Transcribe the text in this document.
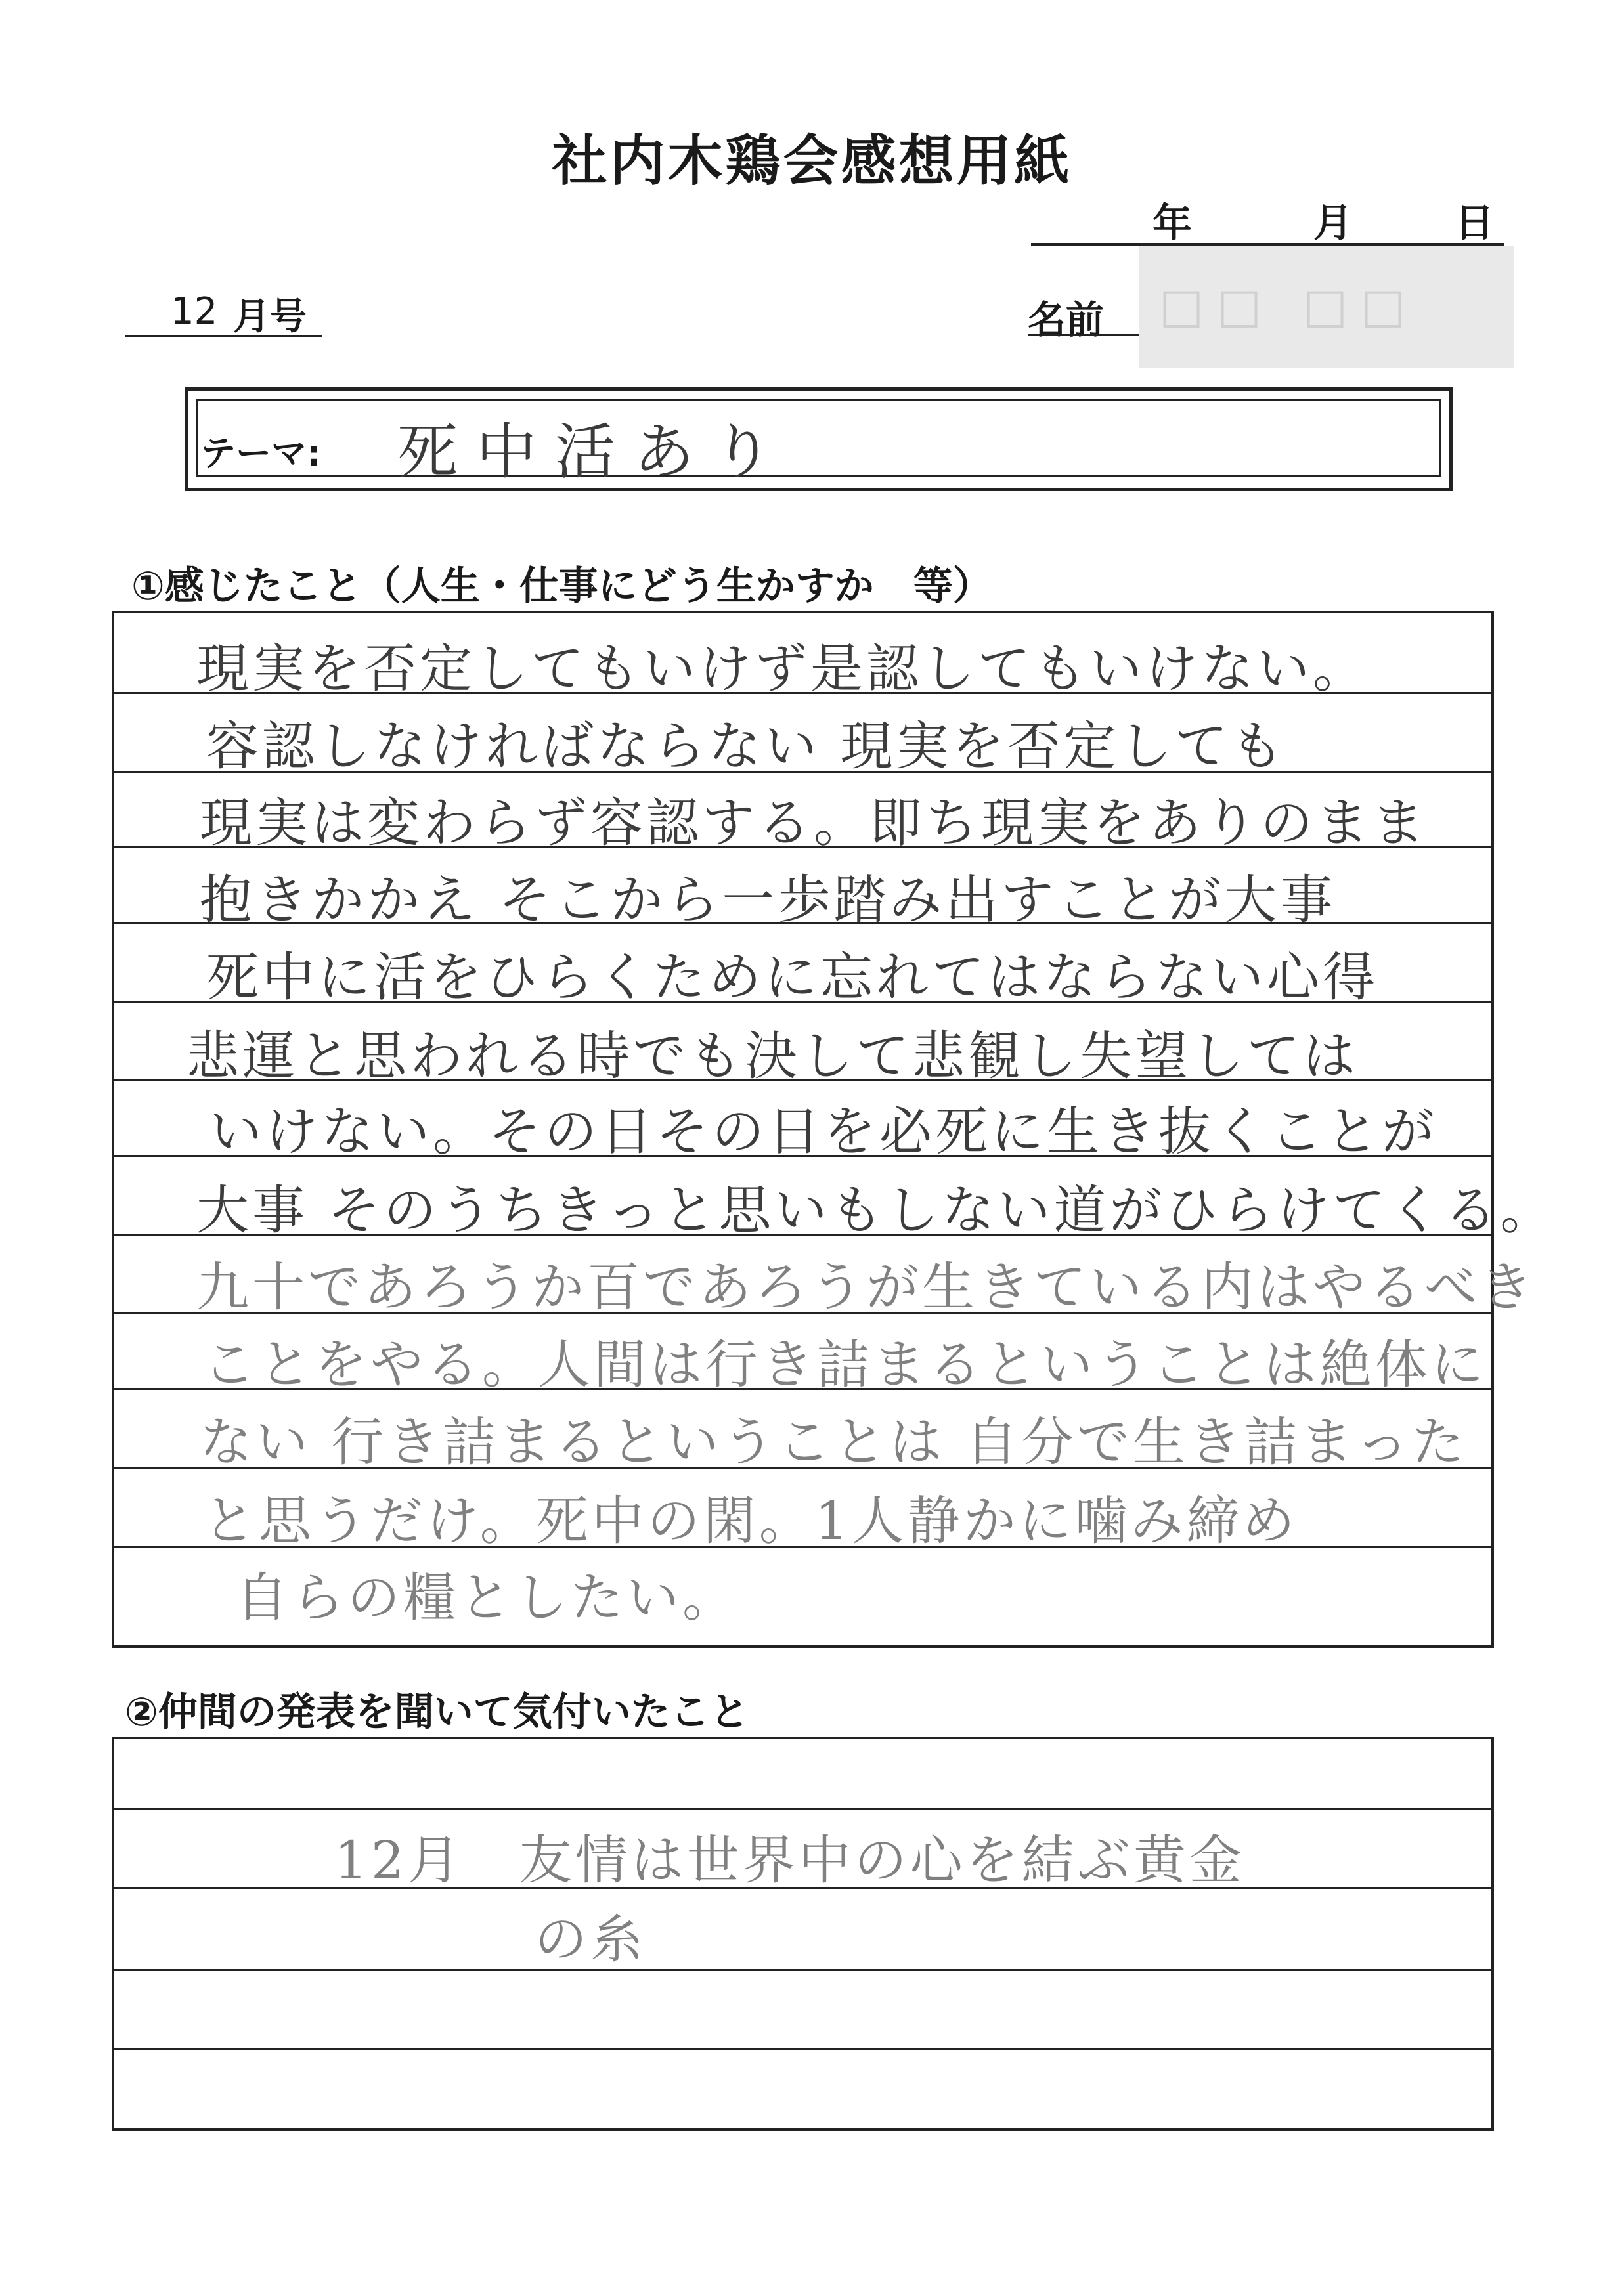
社内木鶏会感想用紙
年	月	日
12 月号	名前 □□ □□
テーマ: 死中活あり
①感じたこと（人生・仕事にどう生かすか　等）
現実を否定してもいけず是認してもいけない。
容認しなければならない 現実を否定しても
現実は変わらず容認する。即ち現実をありのまま
抱きかかえ そこから一歩踏み出すことが大事
死中に活をひらくために忘れてはならない心得
悲運と思われる時でも決して悲観し失望しては
いけない。その日その日を必死に生き抜くことが
大事 そのうちきっと思いもしない道がひらけてくる。
九十であろうか百であろうが生きている内はやるべき
ことをやる。人間は行き詰まるということは絶体に
ない 行き詰まるということは 自分で生き詰まった
と思うだけ。死中の閑。1人静かに噛み締め
自らの糧としたい。
②仲間の発表を聞いて気付いたこと
12月　友情は世界中の心を結ぶ黄金
の糸
